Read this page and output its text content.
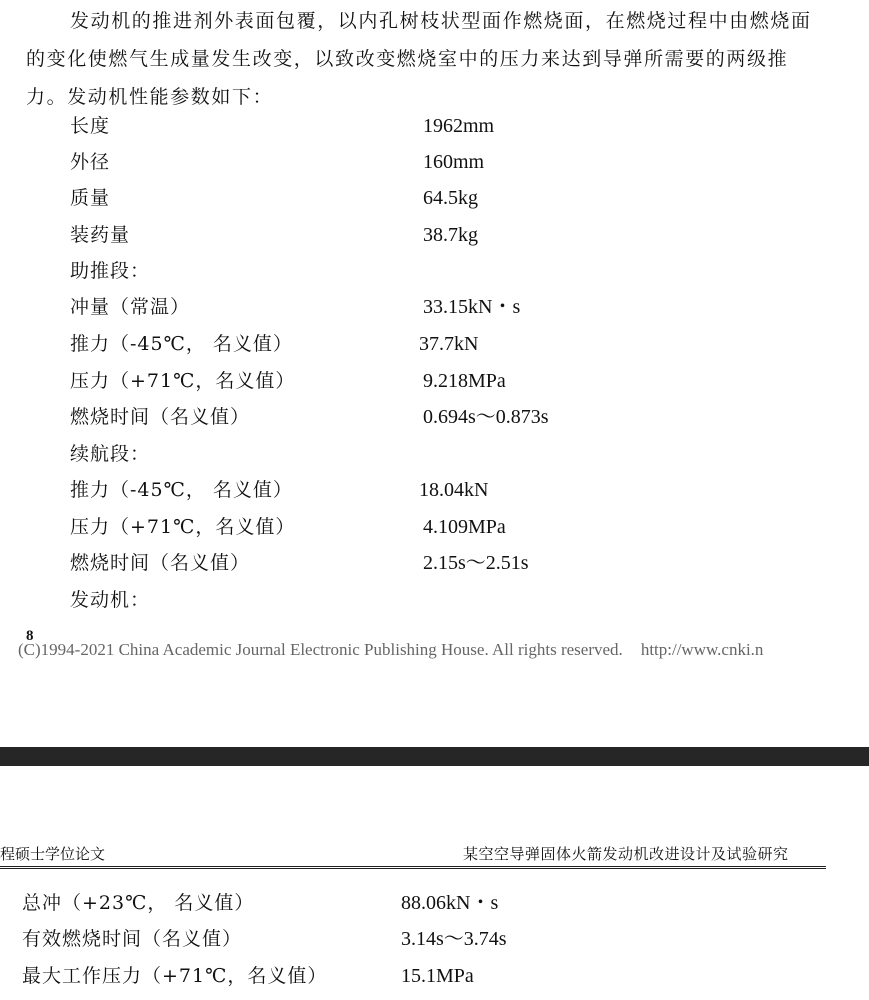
发动机的推进剂外表面包覆，以内孔树枝状型面作燃烧面，在燃烧过程中由燃烧面
的变化使燃气生成量发生改变，以致改变燃烧室中的压力来达到导弹所需要的两级推
力。发动机性能参数如下：

长度	1962mm
外径	160mm
质量	64.5kg
装药量	38.7kg
助推段：
冲量（常温）	33.15kN・s
推力（-45℃， 名义值）	37.7kN
压力（+71℃，名义值）	9.218MPa
燃烧时间（名义值）	0.694s～0.873s
续航段：
推力（-45℃， 名义值）	18.04kN
压力（+71℃，名义值）	4.109MPa
燃烧时间（名义值）	2.15s～2.51s
发动机：
8
(C)1994-2021 China Academic Journal Electronic Publishing House. All rights reserved. http://www.cnki.n
程硕士学位论文	某空空导弹固体火箭发动机改进设计及试验研究
总冲（+23℃， 名义值）	88.06kN・s
有效燃烧时间（名义值）	3.14s～3.74s
最大工作压力（+71℃，名义值）	15.1MPa
